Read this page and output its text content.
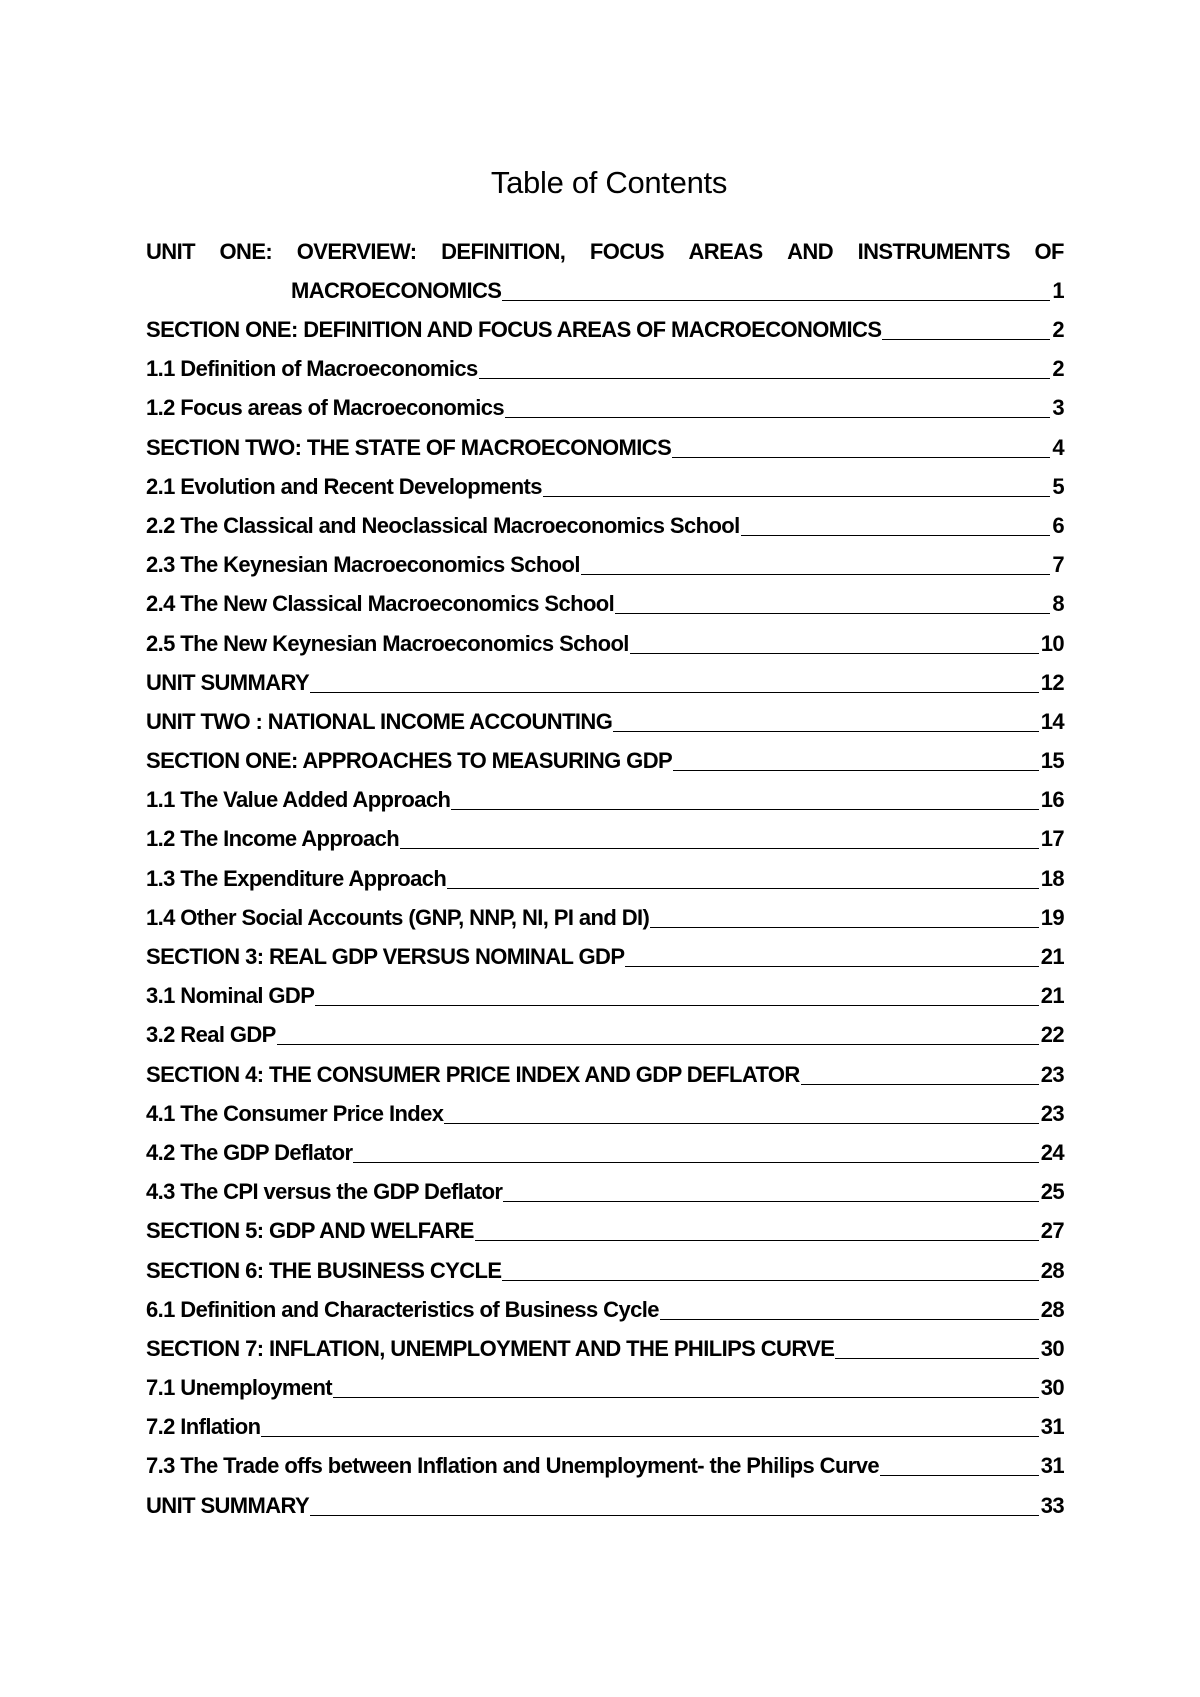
Table of Contents
UNIT ONE: OVERVIEW: DEFINITION, FOCUS AREAS AND INSTRUMENTS OF
MACROECONOMICS	1
SECTION ONE: DEFINITION AND FOCUS AREAS OF MACROECONOMICS	2
1.1 Definition of Macroeconomics	2
1.2 Focus areas of Macroeconomics	3
SECTION TWO: THE STATE OF MACROECONOMICS	4
2.1 Evolution and Recent Developments	5
2.2 The Classical and Neoclassical Macroeconomics School	6
2.3 The Keynesian Macroeconomics School	7
2.4 The New Classical Macroeconomics School	8
2.5 The New Keynesian Macroeconomics School	10
UNIT SUMMARY	12
UNIT TWO : NATIONAL INCOME ACCOUNTING	14
SECTION ONE: APPROACHES TO MEASURING GDP	15
1.1 The Value Added Approach	16
1.2 The Income Approach	17
1.3 The Expenditure Approach	18
1.4 Other Social Accounts (GNP, NNP, NI, PI and DI)	19
SECTION 3: REAL GDP VERSUS NOMINAL GDP	21
3.1 Nominal GDP	21
3.2 Real GDP	22
SECTION 4: THE CONSUMER PRICE INDEX AND GDP DEFLATOR	23
4.1 The Consumer Price Index	23
4.2 The GDP Deflator	24
4.3 The CPI versus the GDP Deflator	25
SECTION 5: GDP AND WELFARE	27
SECTION 6: THE BUSINESS CYCLE	28
6.1 Definition and Characteristics of Business Cycle	28
SECTION 7: INFLATION, UNEMPLOYMENT AND THE PHILIPS CURVE	30
7.1 Unemployment	30
7.2 Inflation	31
7.3 The Trade offs between Inflation and Unemployment- the Philips Curve	31
UNIT SUMMARY	33
